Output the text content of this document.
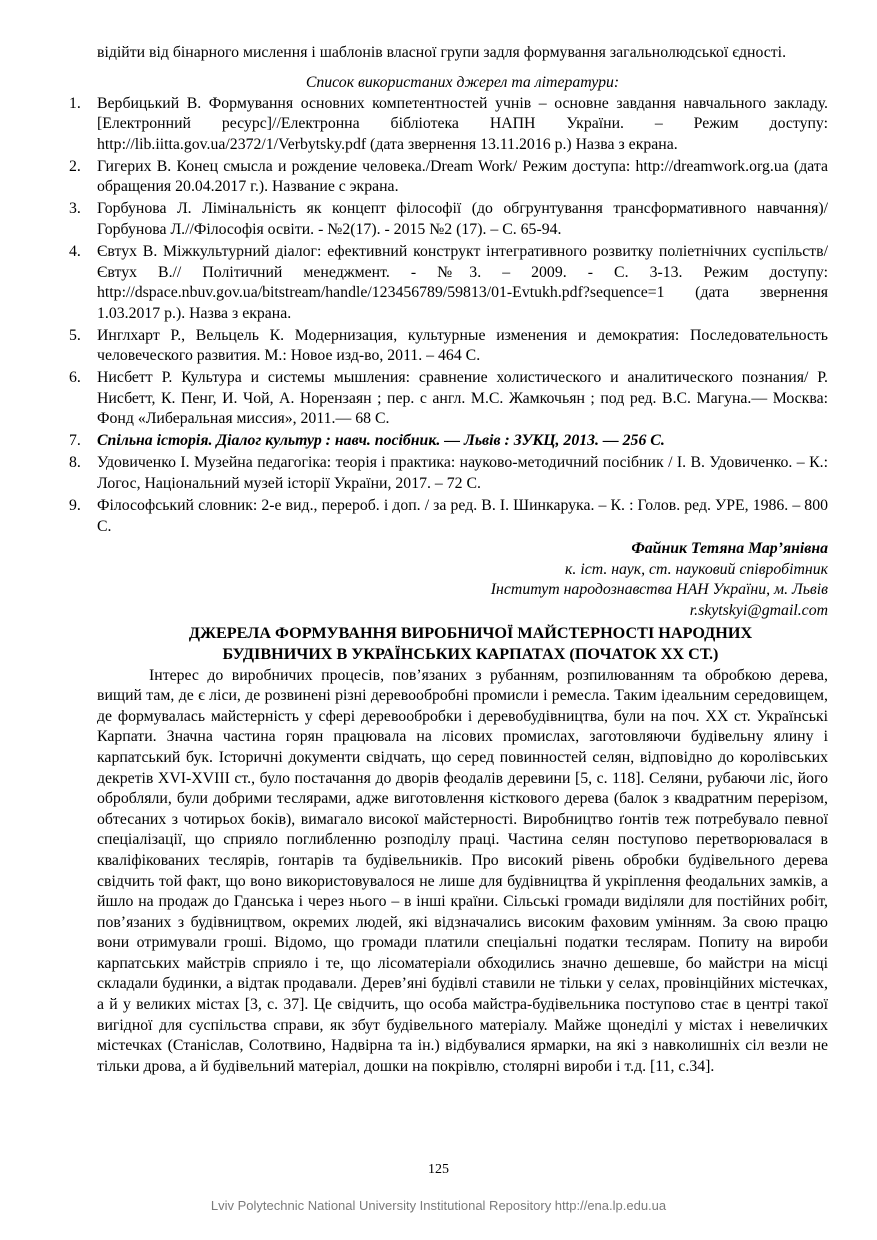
відійти від бінарного мислення і шаблонів власної групи задля формування загальнолюдської єдності.

Список використаних джерел та літератури:

1. Вербицький В. Формування основних компетентностей учнів – основне завдання навчального закладу. [Електронний ресурс]//Електронна бібліотека НАПН України. – Режим доступу: http://lib.iitta.gov.ua/2372/1/Verbytsky.pdf (дата звернення 13.11.2016 р.) Назва з екрана.
2. Гигерих В. Конец смысла и рождение человека./Dream Work/ Режим доступа: http://dreamwork.org.ua (дата обращения 20.04.2017 г.). Название с экрана.
3. Горбунова Л. Лімінальність як концепт філософії (до обгрунтування трансформативного навчання)/ Горбунова Л.//Філософія освіти. - №2(17). - 2015 №2 (17). – С. 65-94.
4. Євтух В. Міжкультурний діалог: ефективний конструкт інтегративного розвитку поліетнічних суспільств/ Євтух В.// Політичний менеджмент. - №3. – 2009. - С. 3-13. Режим доступу: http://dspace.nbuv.gov.ua/bitstream/handle/123456789/59813/01-Evtukh.pdf?sequence=1 (дата звернення 1.03.2017 р.). Назва з екрана.
5. Инглхарт Р., Вельцель К. Модернизация, культурные изменения и демократия: Последовательность человеческого развития. М.: Новое изд-во, 2011. – 464 С.
6. Нисбетт Р. Культура и системы мышления: сравнение холистического и аналитического познания/ Р. Нисбетт, К. Пенг, И. Чой, А. Норензаян ; пер. с англ. М.С. Жамкочьян ; под ред. В.С. Магуна.— Москва: Фонд «Либеральная миссия», 2011.— 68 С.
7. Спільна історія. Діалог культур : навч. посібник. — Львів : ЗУКЦ, 2013. — 256 С.
8. Удовиченко І. Музейна педагогіка: теорія і практика: науково-методичний посібник / І. В. Удовиченко. – К.: Логос, Національний музей історії України, 2017. – 72 С.
9. Філософський словник: 2-е вид., перероб. і доп. / за ред. В. І. Шинкарука. – К. : Голов. ред. УРЕ, 1986. – 800 С.
Файник Тетяна Мар’янівна
к. іст. наук, ст. науковий співробітник
Інститут народознавства НАН України, м. Львів
r.skytskyi@gmail.com
ДЖЕРЕЛА ФОРМУВАННЯ ВИРОБНИЧОЇ МАЙСТЕРНОСТІ НАРОДНИХ
БУДІВНИЧИХ В УКРАЇНСЬКИХ КАРПАТАХ (ПОЧАТОК ХХ СТ.)

Інтерес до виробничих процесів, пов’язаних з рубанням, розпилюванням та обробкою дерева, вищий там, де є ліси, де розвинені різні деревообробні промисли і ремесла. Таким ідеальним середовищем, де формувалась майстерність у сфері деревообробки і деревобудівництва, були на поч. ХХ ст. Українські Карпати. Значна частина горян працювала на лісових промислах, заготовляючи будівельну ялину і карпатський бук. Історичні документи свідчать, що серед повинностей селян, відповідно до королівських декретів XVI-XVIII ст., було постачання до дворів феодалів деревини [5, с. 118]. Селяни, рубаючи ліс, його обробляли, були добрими теслярами, адже виготовлення кісткового дерева (балок з квадратним перерізом, обтесаних з чотирьох боків), вимагало високої майстерності. Виробництво ґонтів теж потребувало певної спеціалізації, що сприяло поглибленню розподілу праці. Частина селян поступово перетворювалася в кваліфікованих теслярів, ґонтарів та будівельників. Про високий рівень обробки будівельного дерева свідчить той факт, що воно використовувалося не лише для будівництва й укріплення феодальних замків, а йшло на продаж до Гданська і через нього – в інші країни. Сільські громади виділяли для постійних робіт, пов’язаних з будівництвом, окремих людей, які відзначались високим фаховим умінням. За свою працю вони отримували гроші. Відомо, що громади платили спеціальні податки теслярам. Попиту на вироби карпатських майстрів сприяло і те, що лісоматеріали обходились значно дешевше, бо майстри на місці складали будинки, а відтак продавали. Дерев’яні будівлі ставили не тільки у селах, провінційних містечках, а й у великих містах [3, с. 37]. Це свідчить, що особа майстра-будівельника поступово стає в центрі такої вигідної для суспільства справи, як збут будівельного матеріалу. Майже щонеділі у містах і невеличких містечках (Станіслав, Солотвино, Надвірна та ін.) відбувалися ярмарки, на які з навколишніх сіл везли не тільки дрова, а й будівельний матеріал, дошки на покрівлю, столярні вироби і т.д. [11, с.34].

125
Lviv Polytechnic National University Institutional Repository http://ena.lp.edu.ua
